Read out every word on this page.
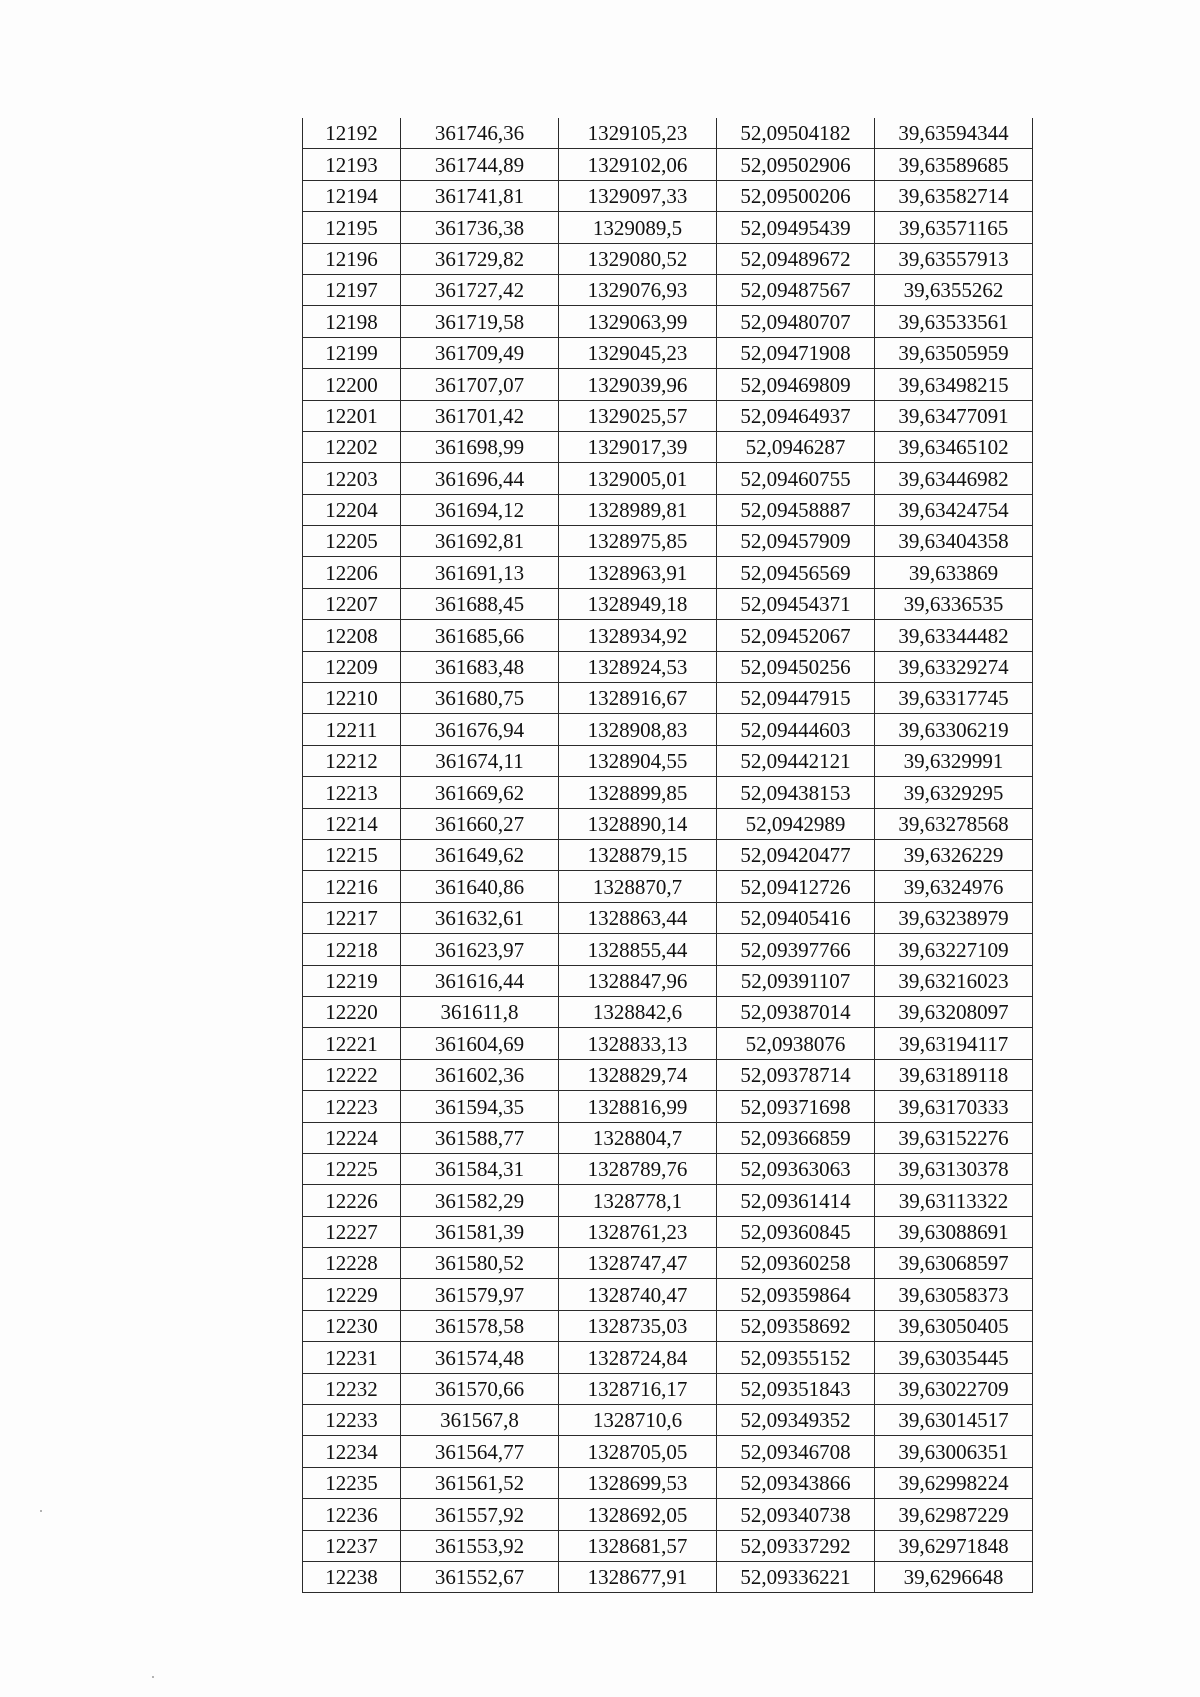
12192	361746,36	1329105,23	52,09504182	39,63594344
12193	361744,89	1329102,06	52,09502906	39,63589685
12194	361741,81	1329097,33	52,09500206	39,63582714
12195	361736,38	1329089,5	52,09495439	39,63571165
12196	361729,82	1329080,52	52,09489672	39,63557913
12197	361727,42	1329076,93	52,09487567	39,6355262
12198	361719,58	1329063,99	52,09480707	39,63533561
12199	361709,49	1329045,23	52,09471908	39,63505959
12200	361707,07	1329039,96	52,09469809	39,63498215
12201	361701,42	1329025,57	52,09464937	39,63477091
12202	361698,99	1329017,39	52,0946287	39,63465102
12203	361696,44	1329005,01	52,09460755	39,63446982
12204	361694,12	1328989,81	52,09458887	39,63424754
12205	361692,81	1328975,85	52,09457909	39,63404358
12206	361691,13	1328963,91	52,09456569	39,633869
12207	361688,45	1328949,18	52,09454371	39,6336535
12208	361685,66	1328934,92	52,09452067	39,63344482
12209	361683,48	1328924,53	52,09450256	39,63329274
12210	361680,75	1328916,67	52,09447915	39,63317745
12211	361676,94	1328908,83	52,09444603	39,63306219
12212	361674,11	1328904,55	52,09442121	39,6329991
12213	361669,62	1328899,85	52,09438153	39,6329295
12214	361660,27	1328890,14	52,0942989	39,63278568
12215	361649,62	1328879,15	52,09420477	39,6326229
12216	361640,86	1328870,7	52,09412726	39,6324976
12217	361632,61	1328863,44	52,09405416	39,63238979
12218	361623,97	1328855,44	52,09397766	39,63227109
12219	361616,44	1328847,96	52,09391107	39,63216023
12220	361611,8	1328842,6	52,09387014	39,63208097
12221	361604,69	1328833,13	52,0938076	39,63194117
12222	361602,36	1328829,74	52,09378714	39,63189118
12223	361594,35	1328816,99	52,09371698	39,63170333
12224	361588,77	1328804,7	52,09366859	39,63152276
12225	361584,31	1328789,76	52,09363063	39,63130378
12226	361582,29	1328778,1	52,09361414	39,63113322
12227	361581,39	1328761,23	52,09360845	39,63088691
12228	361580,52	1328747,47	52,09360258	39,63068597
12229	361579,97	1328740,47	52,09359864	39,63058373
12230	361578,58	1328735,03	52,09358692	39,63050405
12231	361574,48	1328724,84	52,09355152	39,63035445
12232	361570,66	1328716,17	52,09351843	39,63022709
12233	361567,8	1328710,6	52,09349352	39,63014517
12234	361564,77	1328705,05	52,09346708	39,63006351
12235	361561,52	1328699,53	52,09343866	39,62998224
12236	361557,92	1328692,05	52,09340738	39,62987229
12237	361553,92	1328681,57	52,09337292	39,62971848
12238	361552,67	1328677,91	52,09336221	39,6296648
